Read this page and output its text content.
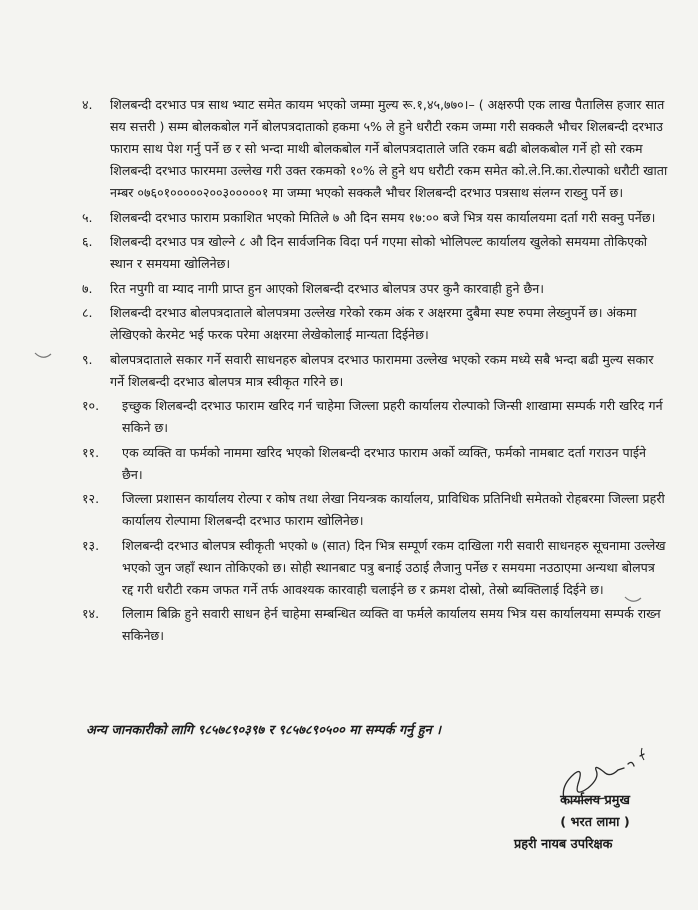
४.	शिलबन्दी दरभाउ पत्र साथ भ्याट समेत कायम भएको जम्मा मुल्य रू.१,४५,७७०।– ( अक्षरुपी एक लाख पैतालिस हजार सात सय सत्तरी ) सम्म बोलकबोल गर्ने बोलपत्रदाताको हकमा ५% ले हुने धरौटी रकम जम्मा गरी सक्कलै भौचर शिलबन्दी दरभाउ फाराम साथ पेश गर्नु पर्ने छ र सो भन्दा माथी बोलकबोल गर्ने बोलपत्रदाताले जति रकम बढी बोलकबोल गर्ने हो सो रकम शिलबन्दी दरभाउ फारममा उल्लेख गरी उक्त रकमको १०% ले हुने थप धरौटी रकम समेत को.ले.नि.का.रोल्पाको धरौटी खाता नम्बर ०७६०१०००००२००३०००००१ मा जम्मा भएको सक्कलै भौचर शिलबन्दी दरभाउ पत्रसाथ संलग्न राख्नु पर्ने छ।
५.	शिलबन्दी दरभाउ फाराम प्रकाशित भएको मितिले ७ औ दिन समय १७:०० बजे भित्र यस कार्यालयमा दर्ता गरी सक्नु पर्नेछ।
६.	शिलबन्दी दरभाउ पत्र खोल्ने ८ औ दिन सार्वजनिक विदा पर्न गएमा सोको भोलिपल्ट कार्यालय खुलेको समयमा तोकिएको स्थान र समयमा खोलिनेछ।
७.	रित नपुगी वा म्याद नागी प्राप्त हुन आएको शिलबन्दी दरभाउ बोलपत्र उपर कुनै कारवाही हुने छैन।
८.	शिलबन्दी दरभाउ बोलपत्रदाताले बोलपत्रमा उल्लेख गरेको रकम अंक र अक्षरमा दुबैमा स्पष्ट रुपमा लेख्नुपर्ने छ। अंकमा लेखिएको केरमेट भई फरक परेमा अक्षरमा लेखेकोलाई मान्यता दिईनेछ।
९.	बोलपत्रदाताले सकार गर्ने सवारी साधनहरु बोलपत्र दरभाउ फाराममा उल्लेख भएको रकम मध्ये सबै भन्दा बढी मुल्य सकार गर्ने शिलबन्दी दरभाउ बोलपत्र मात्र स्वीकृत गरिने छ।
१०.	इच्छुक शिलबन्दी दरभाउ फाराम खरिद गर्न चाहेमा जिल्ला प्रहरी कार्यालय रोल्पाको जिन्सी शाखामा सम्पर्क गरी खरिद गर्न सकिने छ।
११.	एक व्यक्ति वा फर्मको नाममा खरिद भएको शिलबन्दी दरभाउ फाराम अर्को व्यक्ति, फर्मको नामबाट दर्ता गराउन पाईने छैन।
१२.	जिल्ला प्रशासन कार्यालय रोल्पा र कोष तथा लेखा नियन्त्रक कार्यालय, प्राविधिक प्रतिनिधी समेतको रोहबरमा जिल्ला प्रहरी कार्यालय रोल्पामा शिलबन्दी दरभाउ फाराम खोलिनेछ।
१३.	शिलबन्दी दरभाउ बोलपत्र स्वीकृती भएको ७ (सात) दिन भित्र सम्पूर्ण रकम दाखिला गरी सवारी साधनहरु सूचनामा उल्लेख भएको जुन जहाँ स्थान तोकिएको छ। सोही स्थानबाट पत्रु बनाई उठाई लैजानु पर्नेछ र समयमा नउठाएमा अन्यथा बोलपत्र रद्द गरी धरौटी रकम जफत गर्ने तर्फ आवश्यक कारवाही चलाईने छ र क्रमश दोस्रो, तेस्रो ब्यक्तिलाई दिईने छ।
१४.	लिलाम बिक्रि हुने सवारी साधन हेर्न चाहेमा सम्बन्धित व्यक्ति वा फर्मले कार्यालय समय भित्र यस कार्यालयमा सम्पर्क राख्न सकिनेछ।
अन्य जानकारीको लागि ९८५७८९०३९७ र ९८५७८९०५०० मा सम्पर्क गर्नु हुन ।
कार्यालय प्रमुख
( भरत लामा )
प्रहरी नायब उपरिक्षक
